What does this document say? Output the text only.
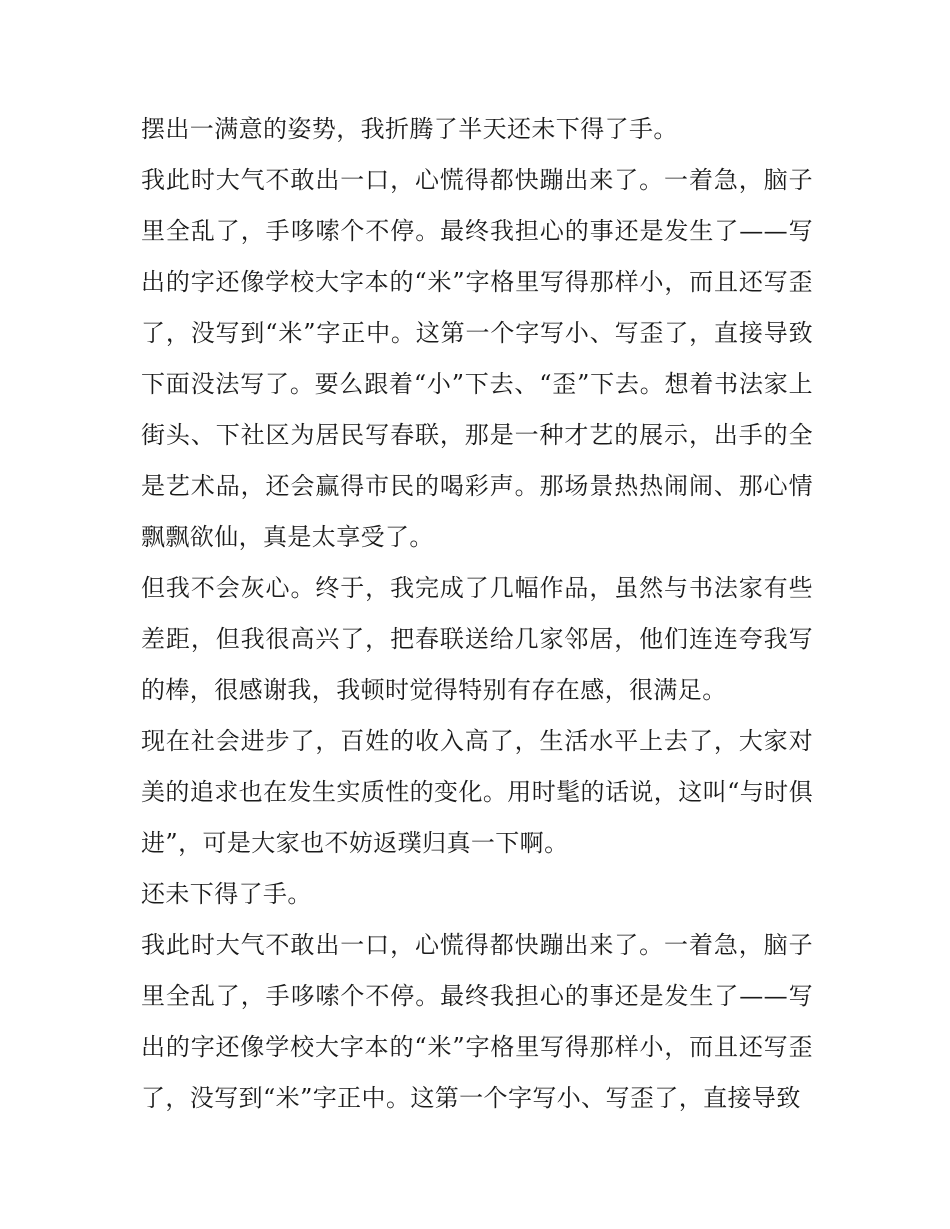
摆出一满意的姿势，我折腾了半天还未下得了手。

我此时大气不敢出一口，心慌得都快蹦出来了。一着急，脑子里全乱了，手哆嗦个不停。最终我担心的事还是发生了——写出的字还像学校大字本的“米”字格里写得那样小，而且还写歪了，没写到“米”字正中。这第一个字写小、写歪了，直接导致下面没法写了。要么跟着“小”下去、“歪”下去。想着书法家上街头、下社区为居民写春联，那是一种才艺的展示，出手的全是艺术品，还会赢得市民的喝彩声。那场景热热闹闹、那心情飘飘欲仙，真是太享受了。

但我不会灰心。终于，我完成了几幅作品，虽然与书法家有些差距，但我很高兴了，把春联送给几家邻居，他们连连夸我写的棒，很感谢我，我顿时觉得特别有存在感，很满足。

现在社会进步了，百姓的收入高了，生活水平上去了，大家对美的追求也在发生实质性的变化。用时髦的话说，这叫“与时俱进”，可是大家也不妨返璞归真一下啊。

还未下得了手。

我此时大气不敢出一口，心慌得都快蹦出来了。一着急，脑子里全乱了，手哆嗦个不停。最终我担心的事还是发生了——写出的字还像学校大字本的“米”字格里写得那样小，而且还写歪了，没写到“米”字正中。这第一个字写小、写歪了，直接导致
